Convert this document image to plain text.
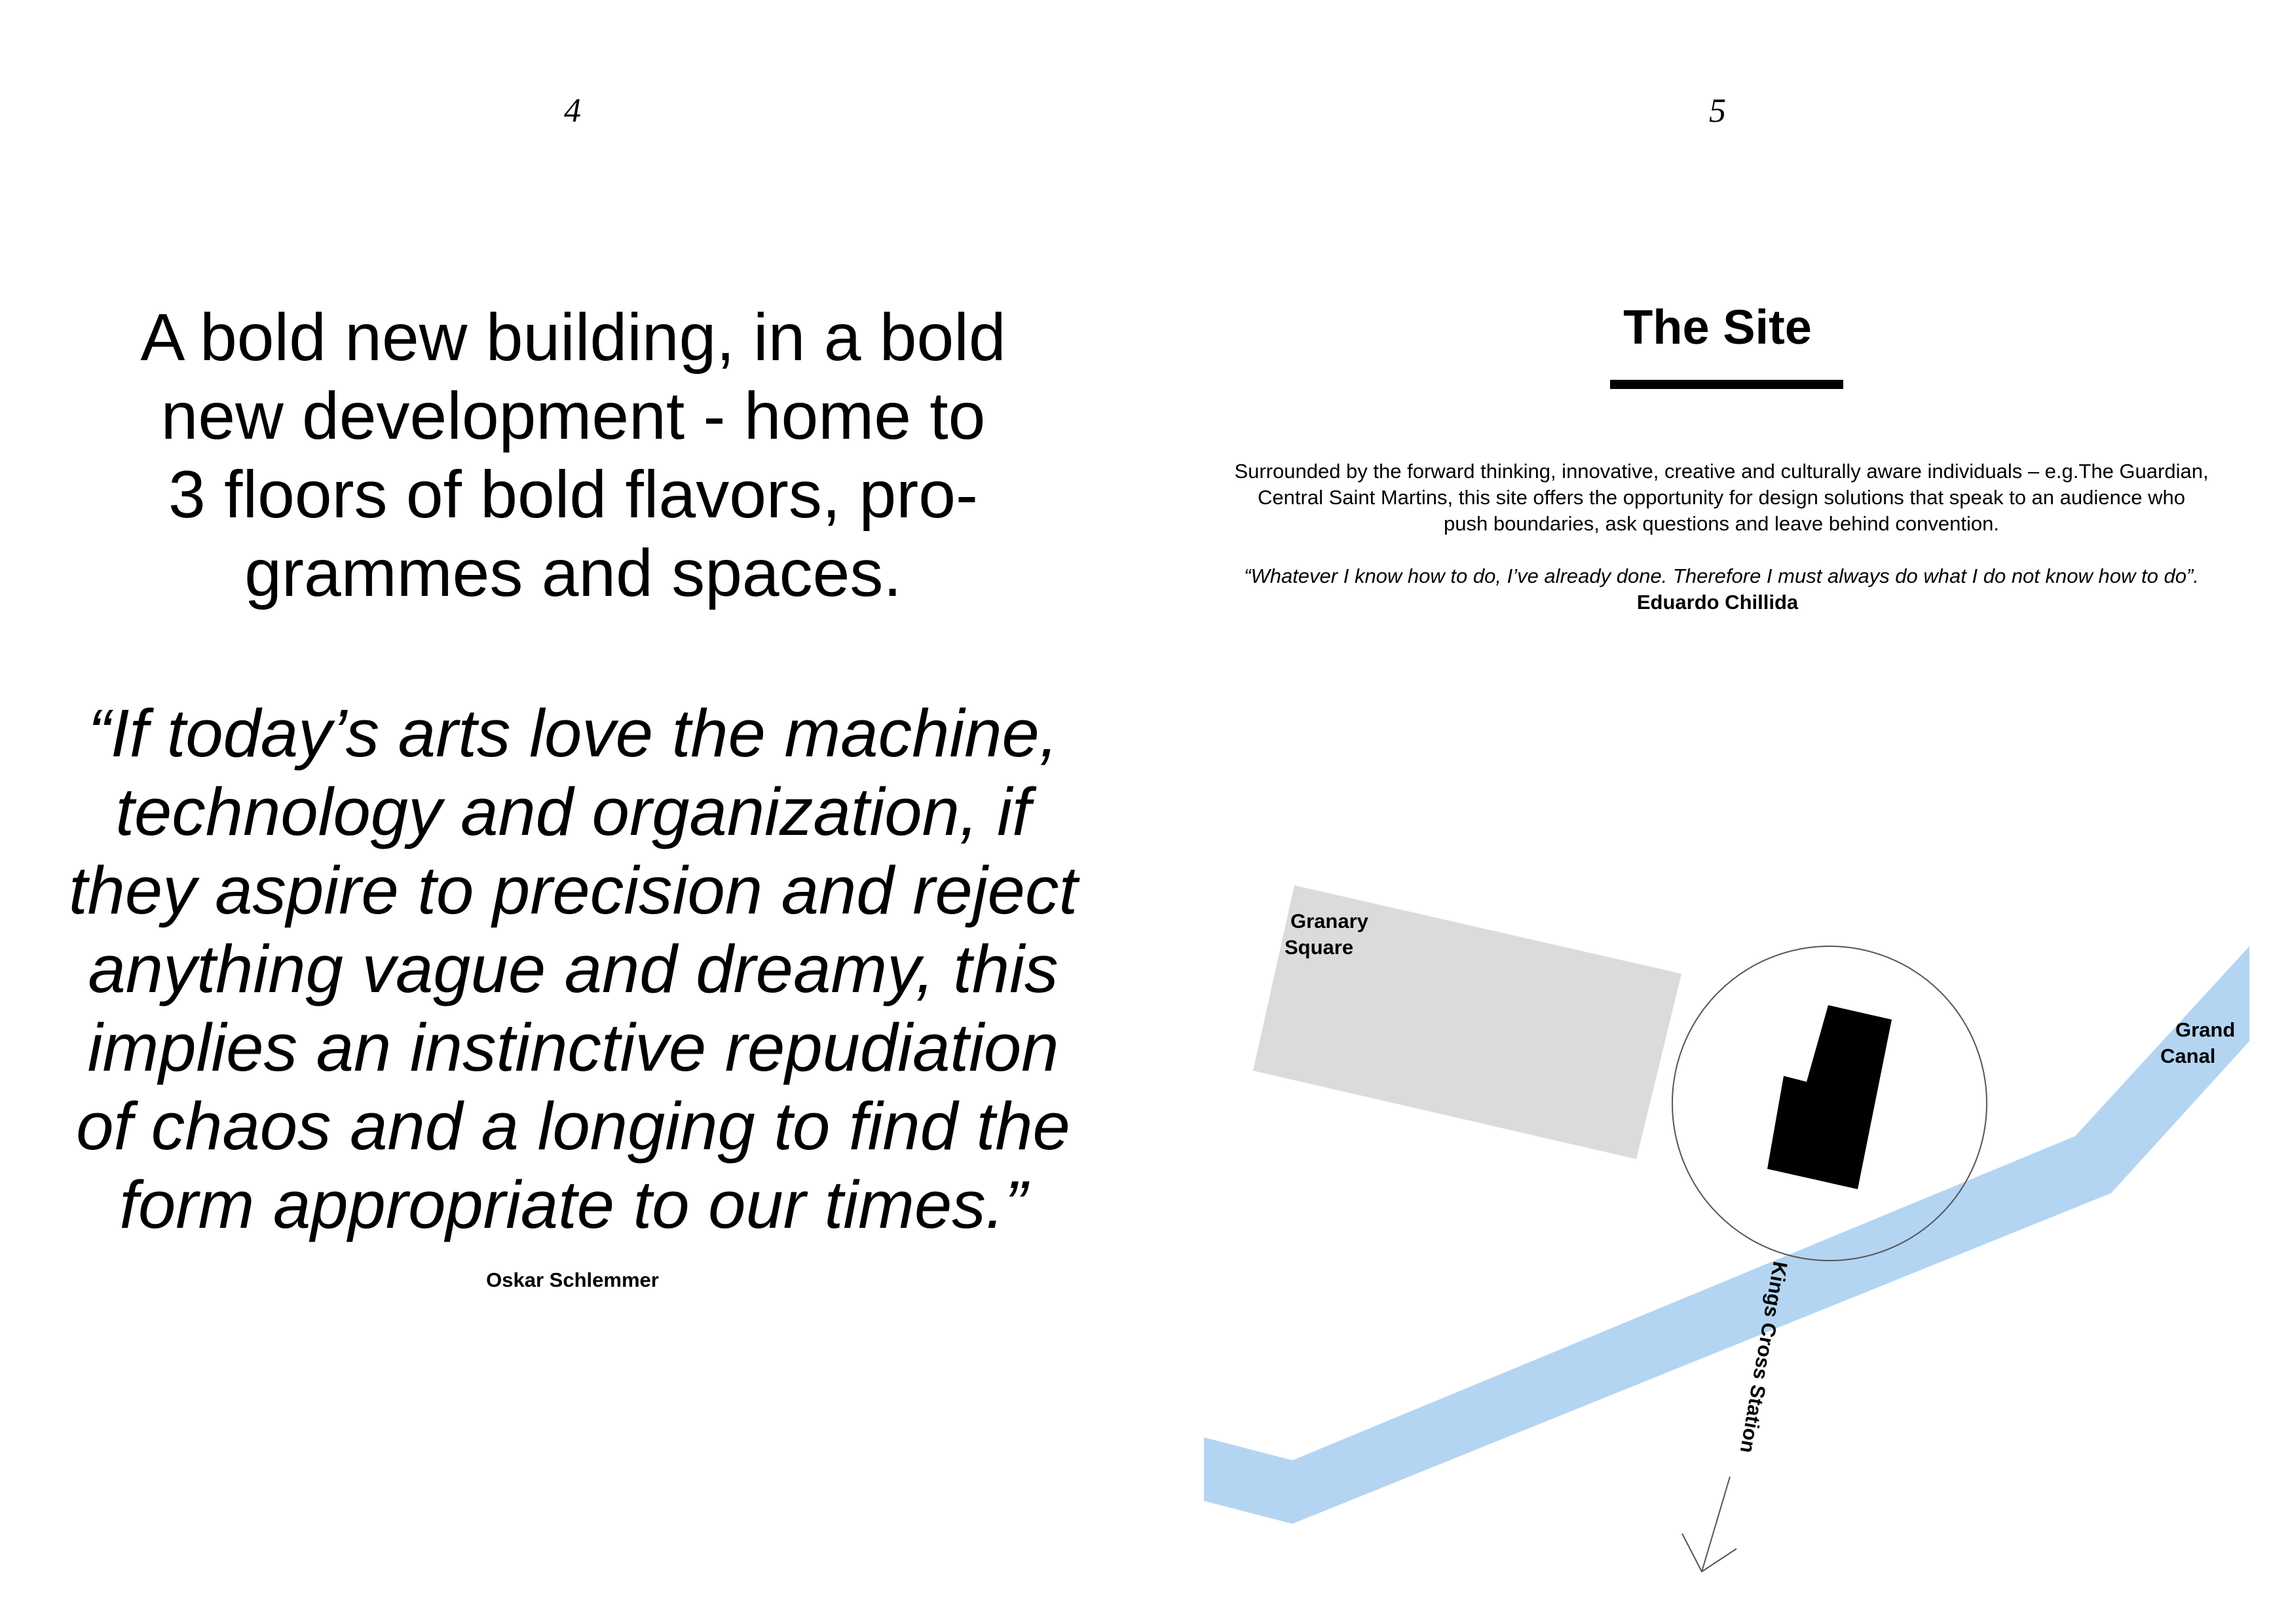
4
A bold new building, in a bold
new development - home to
3 floors of bold flavors, pro-
grammes and spaces.

“If today’s arts love the machine,
technology and organization, if
they aspire to precision and reject
anything vague and dreamy, this
implies an instinctive repudiation
of chaos and a longing to find the
form appropriate to our times.”

Oskar Schlemmer
5
The Site

Surrounded by the forward thinking, innovative, creative and culturally aware individuals – e.g.The Guardian,
Central Saint Martins, this site offers the opportunity for design solutions that speak to an audience who
push boundaries, ask questions and leave behind convention.

“Whatever I know how to do, I’ve already done. Therefore I must always do what I do not know how to do”.

Eduardo Chillida
Granary
Square
Grand
Canal
Kings Cross Station
